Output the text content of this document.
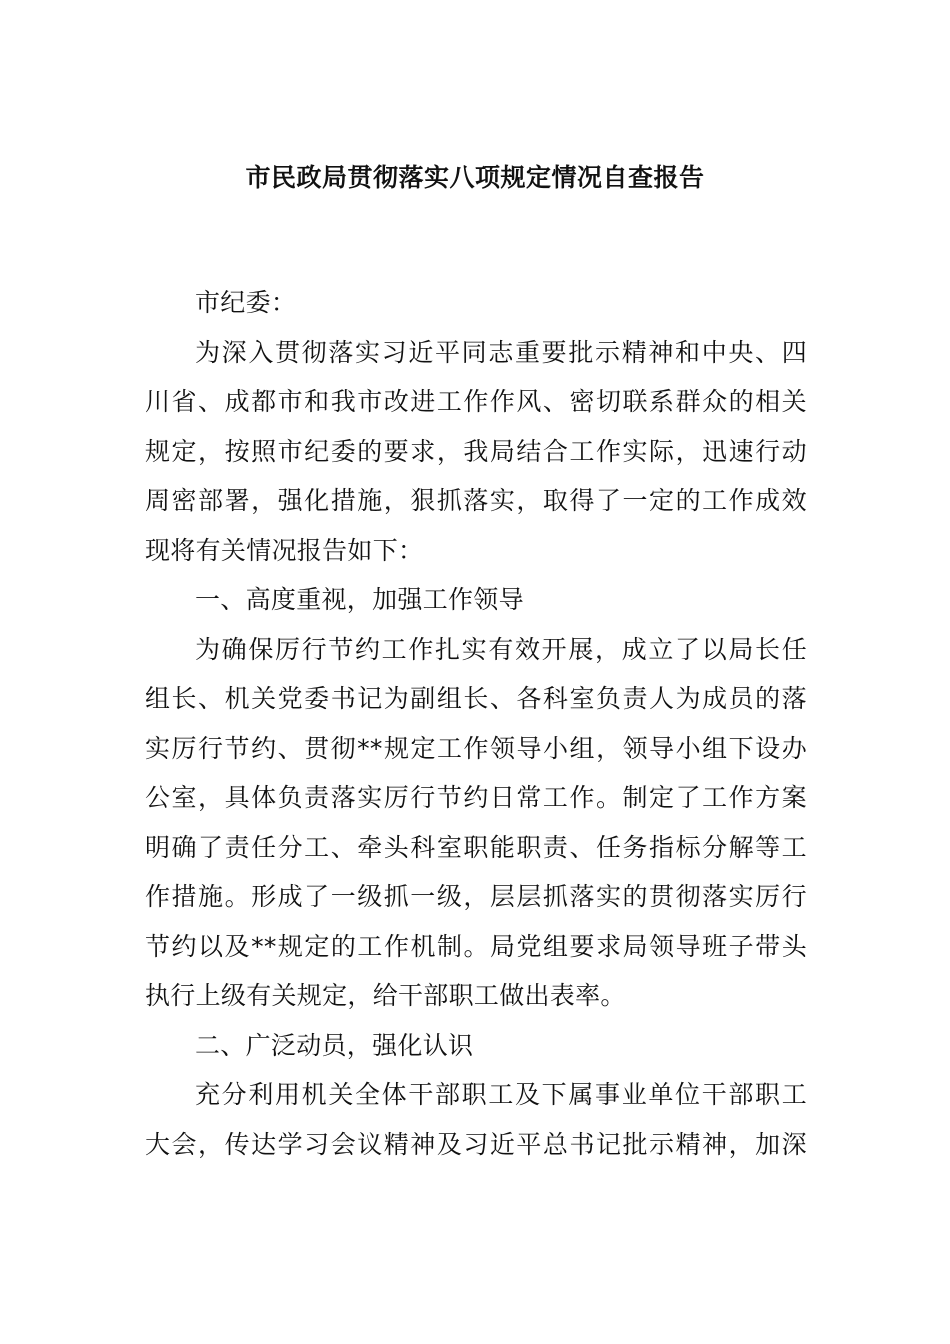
市民政局贯彻落实八项规定情况自查报告
市纪委：
为深入贯彻落实习近平同志重要批示精神和中央、四
川省、成都市和我市改进工作作风、密切联系群众的相关
规定，按照市纪委的要求，我局结合工作实际，迅速行动
周密部署，强化措施，狠抓落实，取得了一定的工作成效
现将有关情况报告如下：
一、高度重视，加强工作领导
为确保厉行节约工作扎实有效开展，成立了以局长任
组长、机关党委书记为副组长、各科室负责人为成员的落
实厉行节约、贯彻**规定工作领导小组，领导小组下设办
公室，具体负责落实厉行节约日常工作。制定了工作方案
明确了责任分工、牵头科室职能职责、任务指标分解等工
作措施。形成了一级抓一级，层层抓落实的贯彻落实厉行
节约以及**规定的工作机制。局党组要求局领导班子带头
执行上级有关规定，给干部职工做出表率。
二、广泛动员，强化认识
充分利用机关全体干部职工及下属事业单位干部职工
大会，传达学习会议精神及习近平总书记批示精神，加深
